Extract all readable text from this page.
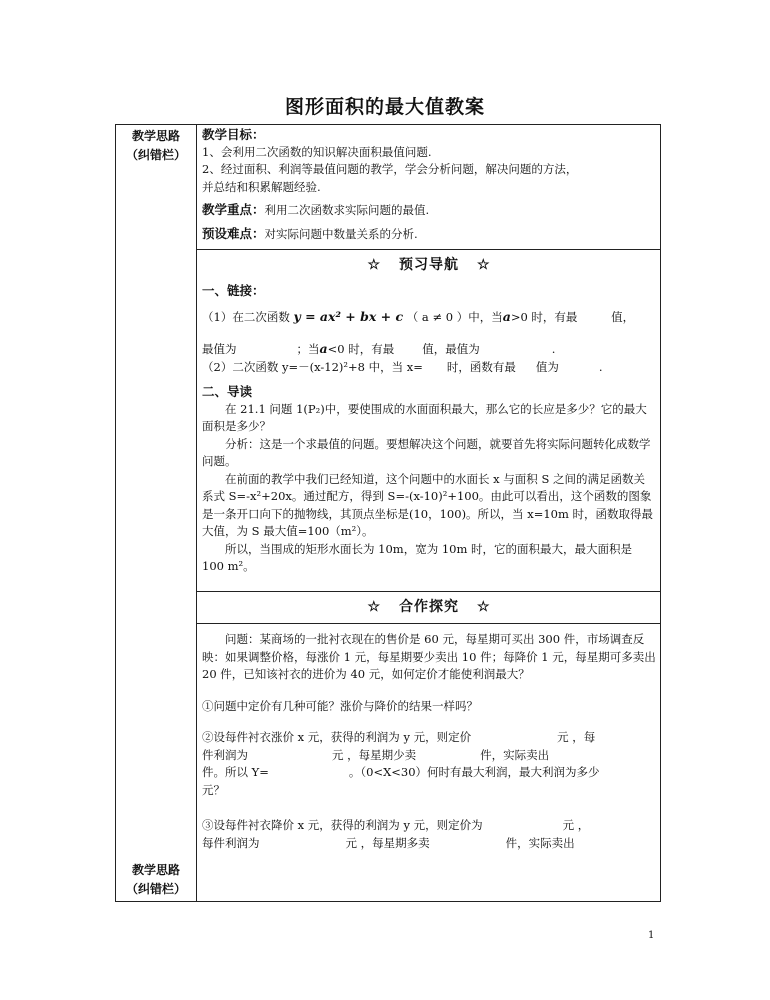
图形面积的最大值教案
教学思路
（纠错栏）
教学思路
（纠错栏）
教学目标：
1、会利用二次函数的知识解决面积最值问题.
2、经过面积、利润等最值问题的教学，学会分析问题，解决问题的方法，
并总结和积累解题经验.
教学重点：利用二次函数求实际问题的最值.
预设难点：对实际问题中数量关系的分析.
☆ 预习导航 ☆
一、链接：
（1）在二次函数 y = ax² + bx + c （ a ≠ 0 ）中，当a>0 时，有最	值，
最值为	；当a<0 时，有最 值，最值为	.
（2）二次函数 y=－(x-12)²+8 中，当 x= 时，函数有最 值为	.
二、导读

在 21.1 问题 1(P₂)中，要使围成的水面面积最大，那么它的长应是多少？它的最大面积是多少？

分析：这是一个求最值的问题。要想解决这个问题，就要首先将实际问题转化成数学问题。

在前面的教学中我们已经知道，这个问题中的水面长 x 与面积 S 之间的满足函数关系式 S=-x²+20x。通过配方，得到 S=-(x-10)²+100。由此可以看出，这个函数的图象是一条开口向下的抛物线，其顶点坐标是(10，100)。所以，当 x=10m 时，函数取得最大值，为 S 最大值=100（m²）。

所以，当围成的矩形水面长为 10m，宽为 10m 时，它的面积最大，最大面积是 100 m²。

☆ 合作探究 ☆

问题：某商场的一批衬衣现在的售价是 60 元，每星期可买出 300 件，市场调查反映：如果调整价格，每涨价 1 元，每星期要少卖出 10 件；每降价 1 元，每星期可多卖出 20 件，已知该衬衣的进价为 40 元，如何定价才能使利润最大？

①问题中定价有几种可能？涨价与降价的结果一样吗？
②设每件衬衣涨价 x 元，获得的利润为 y 元，则定价	元 ，每
件利润为	元 ，每星期少卖	件，实际卖出
件。所以 Y=	。（0<X<30）何时有最大利润，最大利润为多少
元？
③设每件衬衣降价 x 元，获得的利润为 y 元，则定价为	元 ，
每件利润为	元 ，每星期多卖	件，实际卖出
1
